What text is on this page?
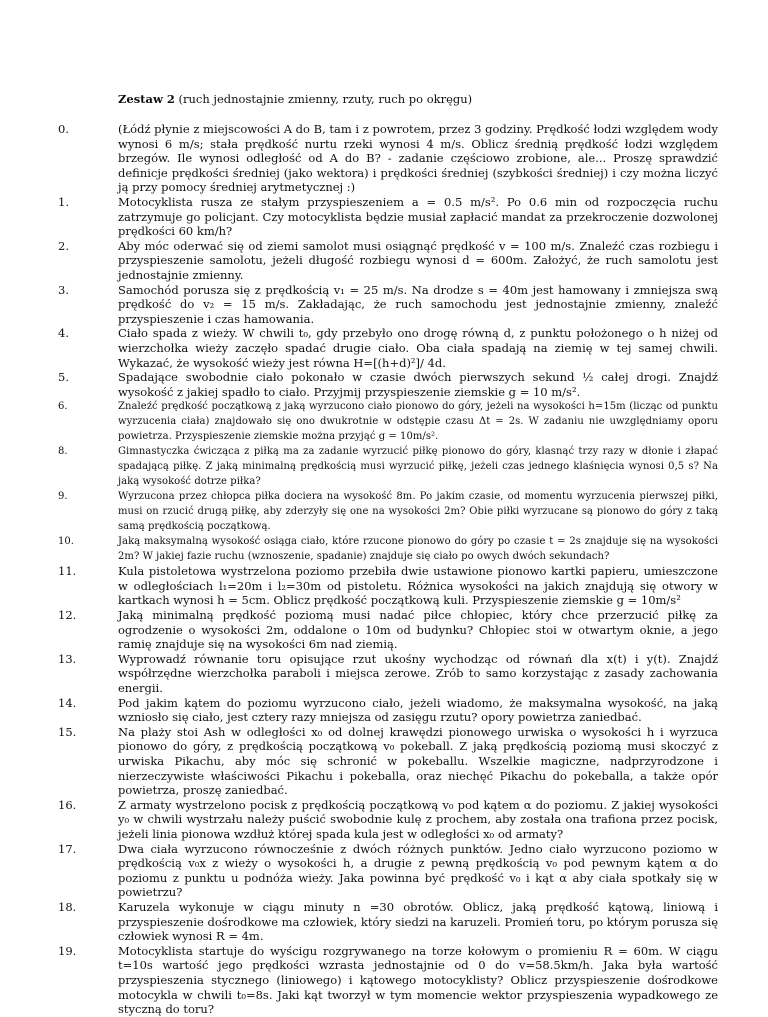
Zestaw 2 (ruch jednostajnie zmienny, rzuty, ruch po okręgu)
0.	(Łódź płynie z miejscowości A do B, tam i z powrotem, przez 3 godziny. Prędkość łodzi względem wody wynosi 6 m/s; stała prędkość nurtu rzeki wynosi 4 m/s. Oblicz średnią prędkość łodzi względem brzegów. Ile wynosi odległość od A do B? - zadanie częściowo zrobione, ale... Proszę sprawdzić definicje prędkości średniej (jako wektora) i prędkości średniej (szybkości średniej) i czy można liczyć ją przy pomocy średniej arytmetycznej :)
1.	Motocyklista rusza ze stałym przyspieszeniem a = 0.5 m/s². Po 0.6 min od rozpoczęcia ruchu zatrzymuje go policjant. Czy motocyklista będzie musiał zapłacić mandat za przekroczenie dozwolonej prędkości 60 km/h?
2.	Aby móc oderwać się od ziemi samolot musi osiągnąć prędkość v = 100 m/s. Znaleźć czas rozbiegu i przyspieszenie samolotu, jeżeli długość rozbiegu wynosi d = 600m. Założyć, że ruch samolotu jest jednostajnie zmienny.
3.	Samochód porusza się z prędkością v₁ = 25 m/s. Na drodze s = 40m jest hamowany i zmniejsza swą prędkość do v₂ = 15 m/s. Zakładając, że ruch samochodu jest jednostajnie zmienny, znaleźć przyspieszenie i czas hamowania.
4.	Ciało spada z wieży. W chwili t₀, gdy przebyło ono drogę równą d, z punktu położonego o h niżej od wierzchołka wieży zaczęło spadać drugie ciało. Oba ciała spadają na ziemię w tej samej chwili. Wykazać, że wysokość wieży jest równa H=[(h+d)²]/ 4d.
5.	Spadające swobodnie ciało pokonało w czasie dwóch pierwszych sekund ½ całej drogi. Znajdź wysokość z jakiej spadło to ciało. Przyjmij przyspieszenie ziemskie g = 10 m/s².
6.	Znaleźć prędkość początkową z jaką wyrzucono ciało pionowo do góry, jeżeli na wysokości h=15m (licząc od punktu wyrzucenia ciała) znajdowało się ono dwukrotnie w odstępie czasu Δt = 2s. W zadaniu nie uwzględniamy oporu powietrza. Przyspieszenie ziemskie można przyjąć g = 10m/s².
8.	Gimnastyczka ćwicząca z piłką ma za zadanie wyrzucić piłkę pionowo do góry, klasnąć trzy razy w dłonie i złapać spadającą piłkę. Z jaką minimalną prędkością musi wyrzucić piłkę, jeżeli czas jednego klaśnięcia wynosi 0,5 s? Na jaką wysokość dotrze piłka?
9.	Wyrzucona przez chłopca piłka dociera na wysokość 8m. Po jakim czasie, od momentu wyrzucenia pierwszej piłki, musi on rzucić drugą piłkę, aby zderzyły się one na wysokości 2m? Obie piłki wyrzucane są pionowo do góry z taką samą prędkością początkową.
10.	Jaką maksymalną wysokość osiąga ciało, które rzucone pionowo do góry po czasie t = 2s znajduje się na wysokości 2m? W jakiej fazie ruchu (wznoszenie, spadanie) znajduje się ciało po owych dwóch sekundach?
11.	Kula pistoletowa wystrzelona poziomo przebiła dwie ustawione pionowo kartki papieru, umieszczone w odległościach l₁=20m i l₂=30m od pistoletu. Różnica wysokości na jakich znajdują się otwory w kartkach wynosi h = 5cm. Oblicz prędkość początkową kuli. Przyspieszenie ziemskie g = 10m/s²
12.	Jaką minimalną prędkość poziomą musi nadać piłce chłopiec, który chce przerzucić piłkę za ogrodzenie o wysokości 2m, oddalone o 10m od budynku? Chłopiec stoi w otwartym oknie, a jego ramię znajduje się na wysokości 6m nad ziemią.
13.	Wyprowadź równanie toru opisujące rzut ukośny wychodząc od równań dla x(t) i y(t). Znajdź współrzędne wierzchołka paraboli i miejsca zerowe. Zrób to samo korzystając z zasady zachowania energii.
14.	Pod jakim kątem do poziomu wyrzucono ciało, jeżeli wiadomo, że maksymalna wysokość, na jaką wzniosło się ciało, jest cztery razy mniejsza od zasięgu rzutu? opory powietrza zaniedbać.
15.	Na plaży stoi Ash w odległości x₀ od dolnej krawędzi pionowego urwiska o wysokości h i wyrzuca pionowo do góry, z prędkością początkową v₀ pokeball. Z jaką prędkością poziomą musi skoczyć z urwiska Pikachu, aby móc się schronić w pokeballu. Wszelkie magiczne, nadprzyrodzone i nierzeczywiste właściwości Pikachu i pokeballa, oraz niechęć Pikachu do pokeballa, a także opór powietrza, proszę zaniedbać.
16.	Z armaty wystrzelono pocisk z prędkością początkową v₀ pod kątem α do poziomu. Z jakiej wysokości y₀ w chwili wystrzału należy puścić swobodnie kulę z prochem, aby została ona trafiona przez pocisk, jeżeli linia pionowa wzdłuż której spada kula jest w odległości x₀ od armaty?
17.	Dwa ciała wyrzucono równocześnie z dwóch różnych punktów. Jedno ciało wyrzucono poziomo w prędkością v₀x z wieży o wysokości h, a drugie z pewną prędkością v₀ pod pewnym kątem α do poziomu z punktu u podnóża wieży. Jaka powinna być prędkość v₀ i kąt α aby ciała spotkały się w powietrzu?
18.	Karuzela wykonuje w ciągu minuty n =30 obrotów. Oblicz, jaką prędkość kątową, liniową i przyspieszenie dośrodkowe ma człowiek, który siedzi na karuzeli. Promień toru, po którym porusza się człowiek wynosi R = 4m.
19.	Motocyklista startuje do wyścigu rozgrywanego na torze kołowym o promieniu R = 60m. W ciągu t=10s wartość jego prędkości wzrasta jednostajnie od 0 do v=58.5km/h. Jaka była wartość przyspieszenia stycznego (liniowego) i kątowego motocyklisty? Oblicz przyspieszenie dośrodkowe motocykla w chwili t₀=8s. Jaki kąt tworzył w tym momencie wektor przyspieszenia wypadkowego ze styczną do toru?
